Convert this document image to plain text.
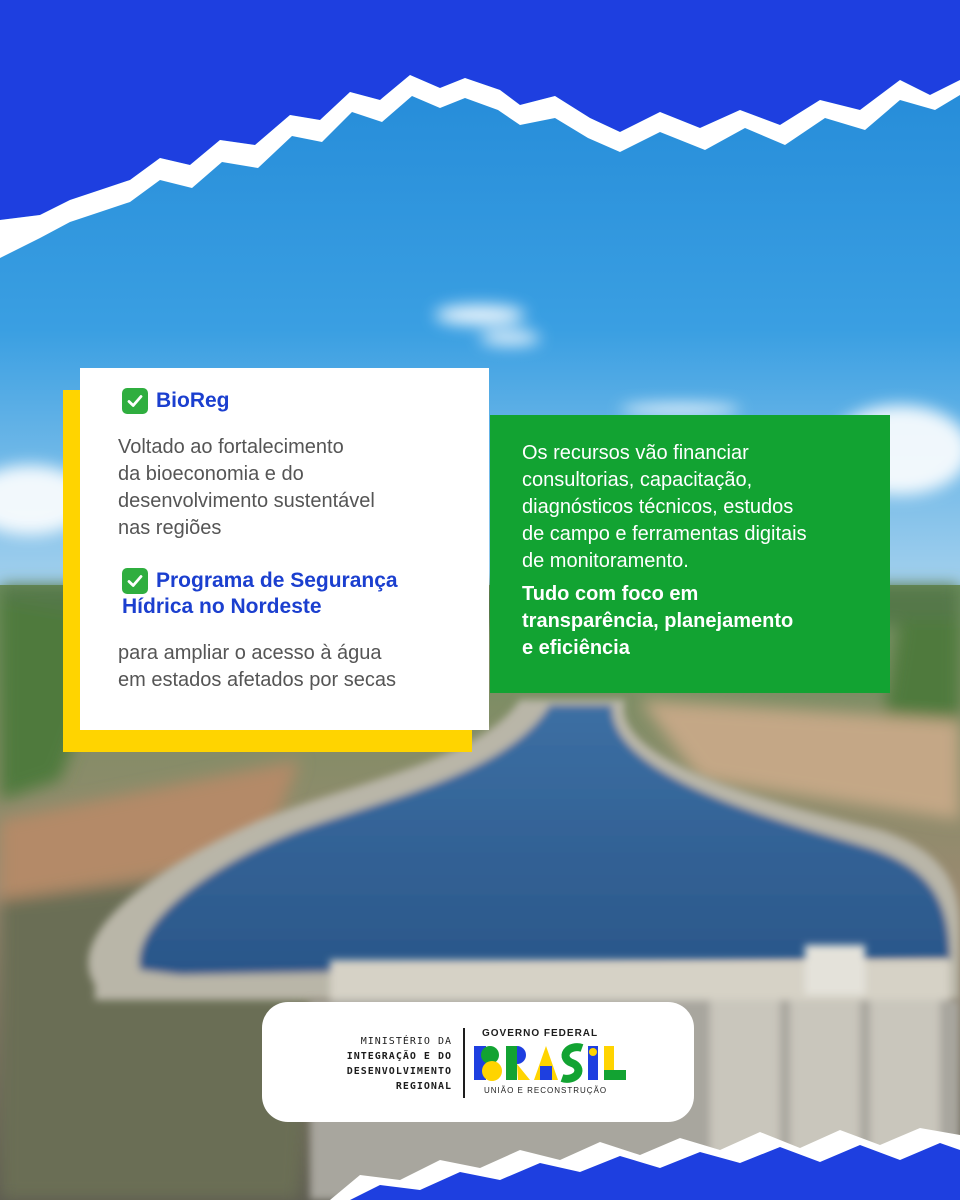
BioReg
Voltado ao fortalecimento
da bioeconomia e do
desenvolvimento sustentável
nas regiões
Programa de Segurança
Hídrica no Nordeste
para ampliar o acesso à água
em estados afetados por secas
Os recursos vão financiar
consultorias, capacitação,
diagnósticos técnicos, estudos
de campo e ferramentas digitais
de monitoramento.
Tudo com foco em
transparência, planejamento
e eficiência
MINISTÉRIO DA
INTEGRAÇÃO E DO
DESENVOLVIMENTO
REGIONAL
GOVERNO FEDERAL
UNIÃO E RECONSTRUÇÃO
